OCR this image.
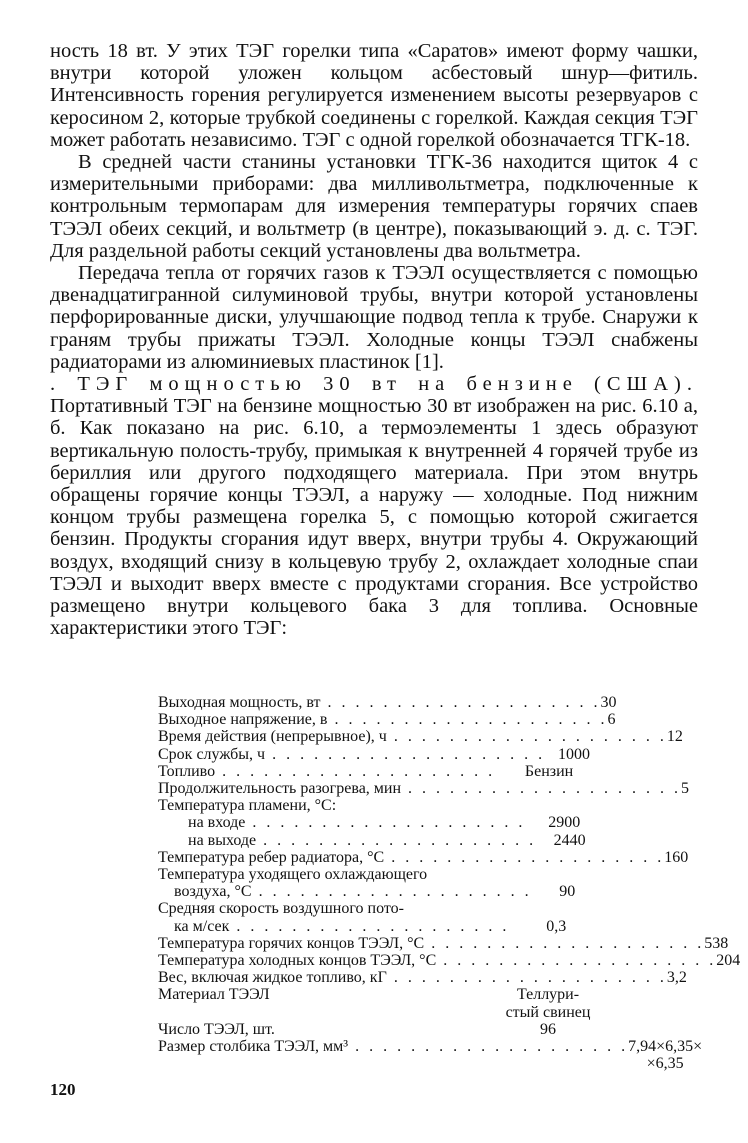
ность 18 вт. У этих ТЭГ горелки типа «Саратов» имеют форму чашки, внутри которой уложен кольцом асбестовый шнур—фитиль. Интенсивность горения регулируется изменением высоты резервуаров с керосином 2, которые трубкой соединены с горелкой. Каждая секция ТЭГ может работать независимо. ТЭГ с одной горелкой обозначается ТГК-18.

В средней части станины установки ТГК-36 находится щиток 4 с измерительными приборами: два милливольтметра, подключенные к контрольным термопарам для измерения температуры горячих спаев ТЭЭЛ обеих секций, и вольтметр (в центре), показывающий э. д. с. ТЭГ. Для раздельной работы секций установлены два вольтметра.

Передача тепла от горячих газов к ТЭЭЛ осуществляется с помощью двенадцатигранной силуминовой трубы, внутри которой установлены перфорированные диски, улучшающие подвод тепла к трубе. Снаружи к граням трубы прижаты ТЭЭЛ. Холодные концы ТЭЭЛ снабжены радиаторами из алюминиевых пластинок [1].

. ТЭГ мощностью 30 вт на бензине (США). Портативный ТЭГ на бензине мощностью 30 вт изображен на рис. 6.10 а, б. Как показано на рис. 6.10, а термоэлементы 1 здесь образуют вертикальную полость-трубу, примыкая к внутренней 4 горячей трубе из бериллия или другого подходящего материала. При этом внутрь обращены горячие концы ТЭЭЛ, а наружу — холодные. Под нижним концом трубы размещена горелка 5, с помощью которой сжигается бензин. Продукты сгорания идут вверх, внутри трубы 4. Окружающий воздух, входящий снизу в кольцевую трубу 2, охлаждает холодные спаи ТЭЭЛ и выходит вверх вместе с продуктами сгорания. Все устройство размещено внутри кольцевого бака 3 для топлива. Основные характеристики этого ТЭГ:

Выходная мощность, вт . . . . . . . . . . . . . . . . . . . . 30
Выходное напряжение, в . . . . . . . . . . . . . . . . . . . . 6
Время действия (непрерывное), ч . . . . . . . . . . . . . . . . . . . . 12
Срок службы, ч . . . . . . . . . . . . . . . . . . . . 1000
Топливо . . . . . . . . . . . . . . . . . . . .	Бензин
Продолжительность разогрева, мин . . . . . . . . . . . . . . . . . . . . 5
Температура пламени, °С:
на входе . . . . . . . . . . . . . . . . . . . .	2900
на выходе . . . . . . . . . . . . . . . . . . . .	2440
Температура ребер радиатора, °С . . . . . . . . . . . . . . . . . . . . 160
Температура уходящего охлаждающего
воздуха, °С . . . . . . . . . . . . . . . . . . . .	90
Средняя скорость воздушного пото-
ка м/сек . . . . . . . . . . . . . . . . . . . .	0,3
Температура горячих концов ТЭЭЛ, °С . . . . . . . . . . . . . . . . . . . . 538
Температура холодных концов ТЭЭЛ, °С . . . . . . . . . . . . . . . . . . . . 204
Вес, включая жидкое топливо, кГ . . . . . . . . . . . . . . . . . . . . 3,2
Материал ТЭЭЛ	Теллури-
стый свинец
Число ТЭЭЛ, шт.	96
Размер столбика ТЭЭЛ, мм³ . . . . . . . . . . . . . . . . . . . . 7,94×6,35×
×6,35
120
